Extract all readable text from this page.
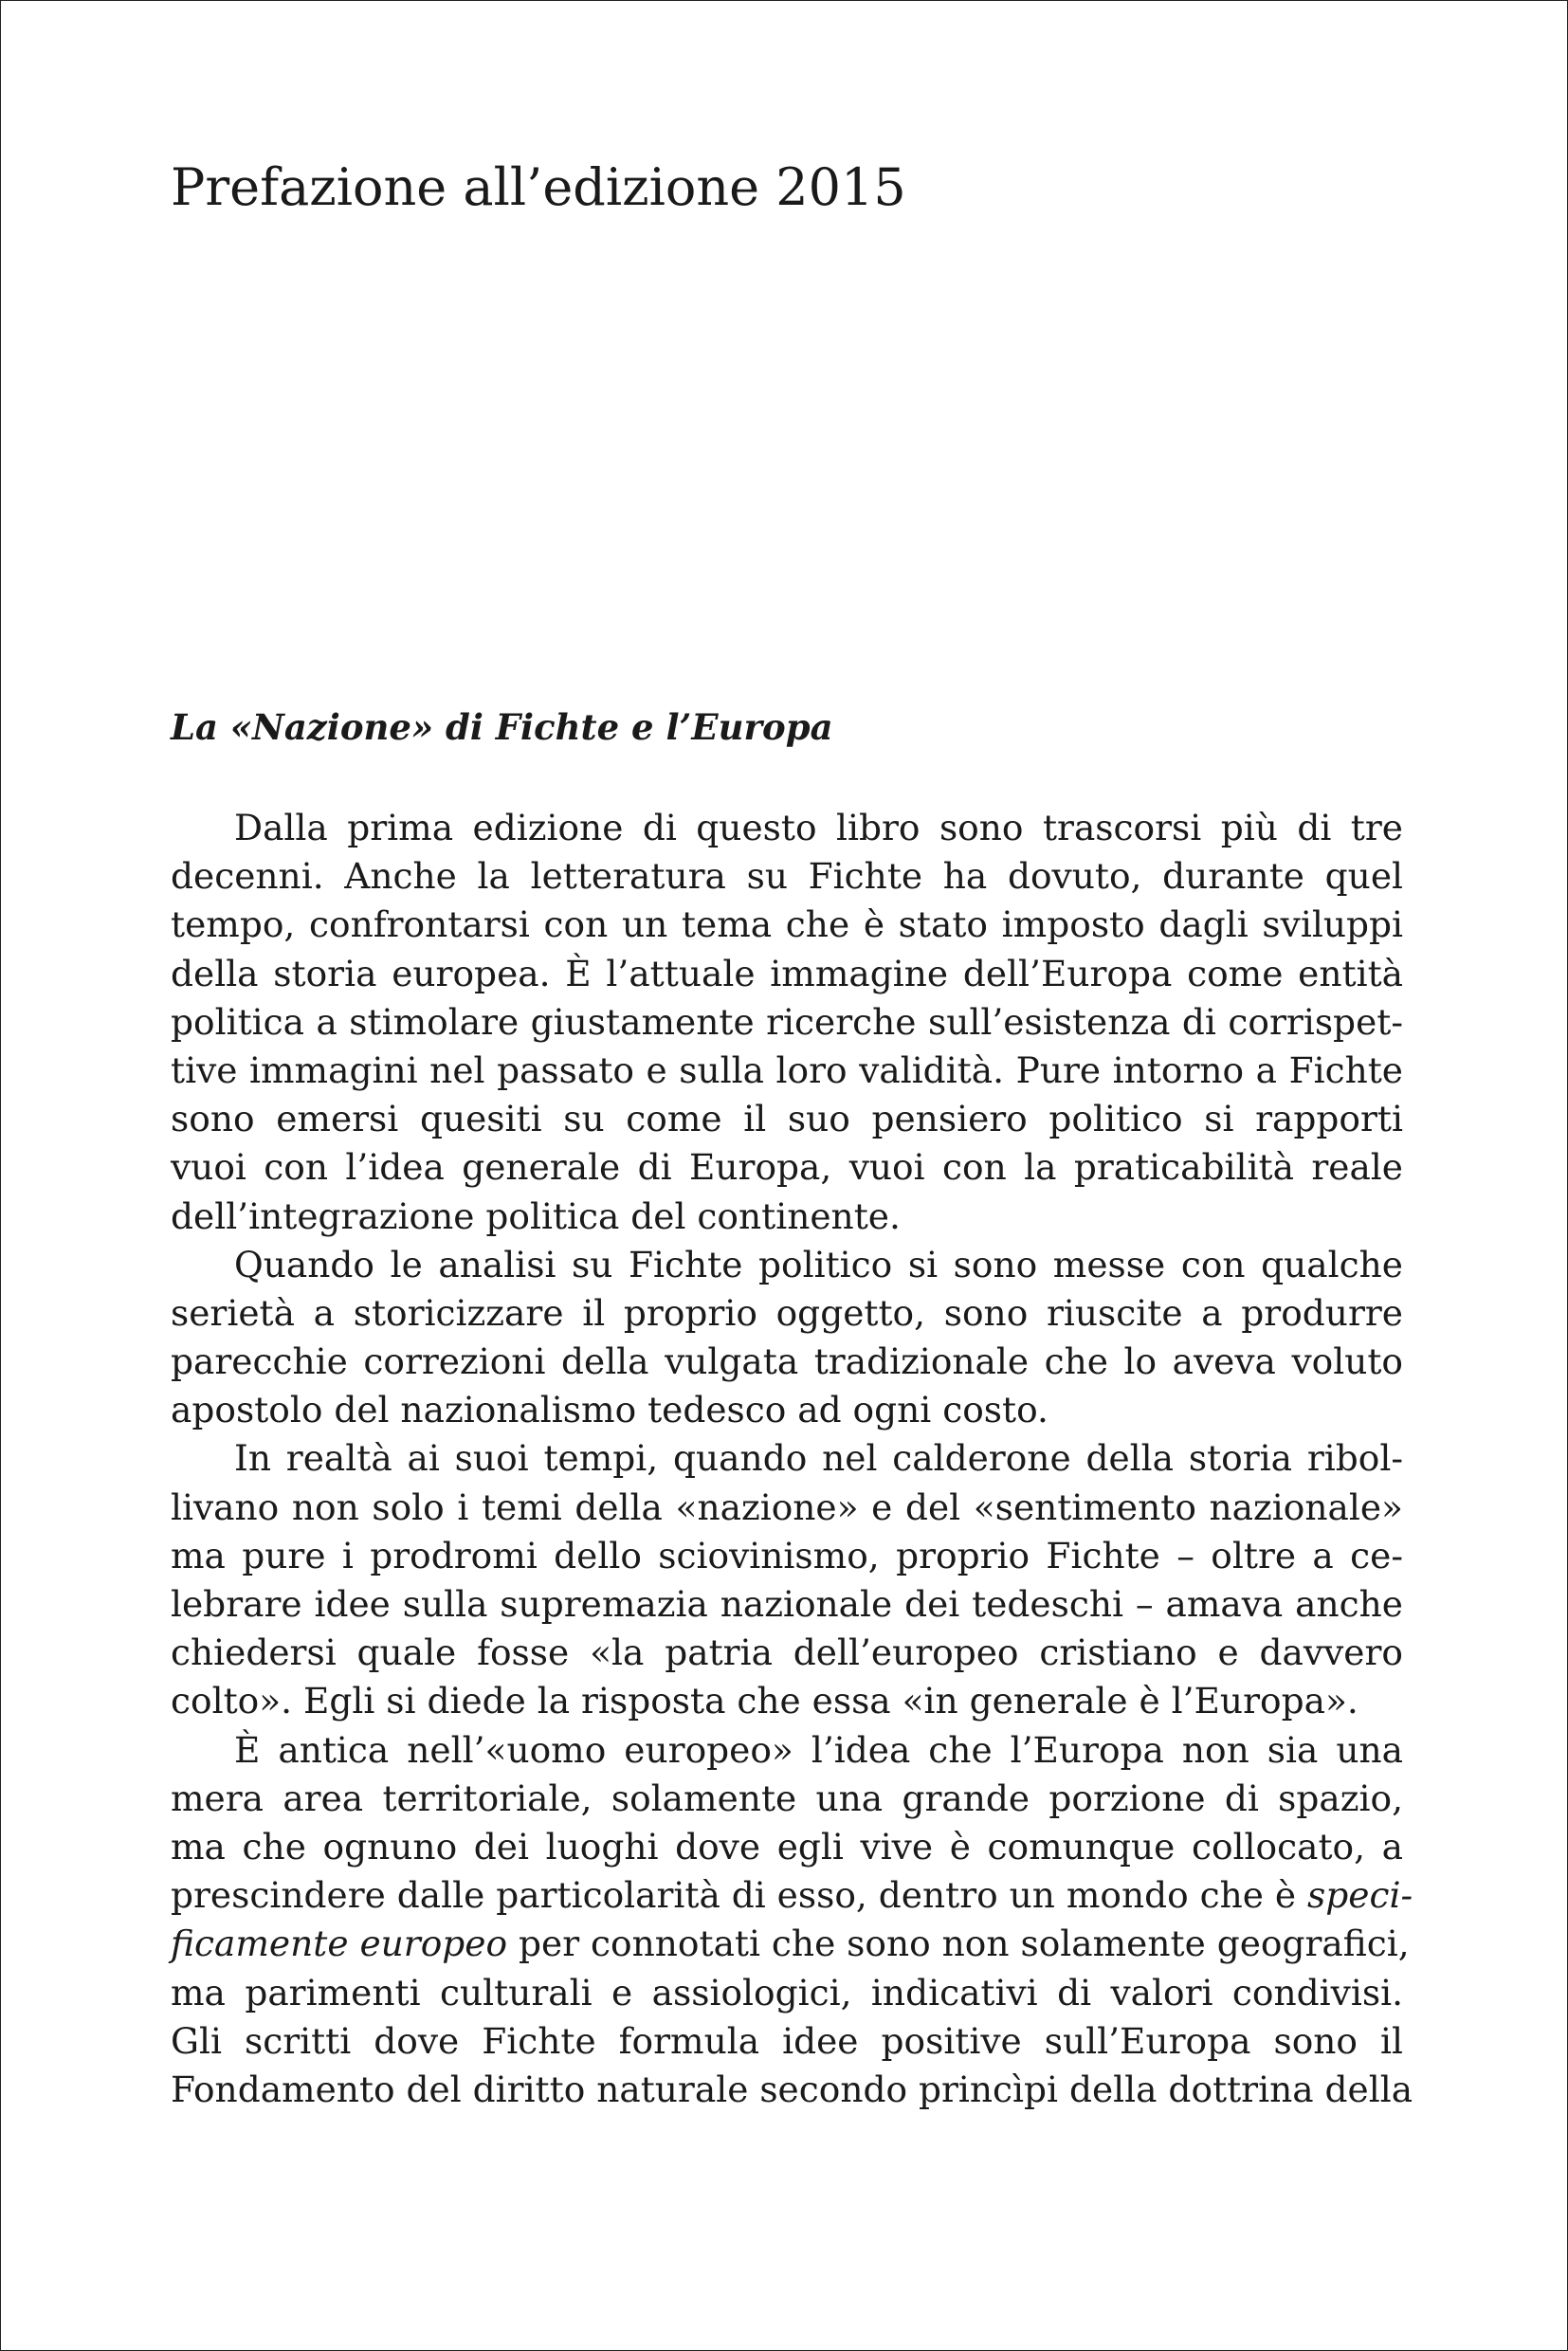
Prefazione all’edizione 2015
La «Nazione» di Fichte e l’Europa
Dalla prima edizione di questo libro sono trascorsi più di tre
decenni. Anche la letteratura su Fichte ha dovuto, durante quel
tempo, confrontarsi con un tema che è stato imposto dagli sviluppi
della storia europea. È l’attuale immagine dell’Europa come entità
politica a stimolare giustamente ricerche sull’esistenza di corrispet-
tive immagini nel passato e sulla loro validità. Pure intorno a Fichte
sono emersi quesiti su come il suo pensiero politico si rapporti
vuoi con l’idea generale di Europa, vuoi con la praticabilità reale
dell’integrazione politica del continente.
Quando le analisi su Fichte politico si sono messe con qualche
serietà a storicizzare il proprio oggetto, sono riuscite a produrre
parecchie correzioni della vulgata tradizionale che lo aveva voluto
apostolo del nazionalismo tedesco ad ogni costo.
In realtà ai suoi tempi, quando nel calderone della storia ribol-
livano non solo i temi della «nazione» e del «sentimento nazionale»
ma pure i prodromi dello sciovinismo, proprio Fichte – oltre a ce-
lebrare idee sulla supremazia nazionale dei tedeschi – amava anche
chiedersi quale fosse «la patria dell’europeo cristiano e davvero
colto». Egli si diede la risposta che essa «in generale è l’Europa».
È antica nell’«uomo europeo» l’idea che l’Europa non sia una
mera area territoriale, solamente una grande porzione di spazio,
ma che ognuno dei luoghi dove egli vive è comunque collocato, a
prescindere dalle particolarità di esso, dentro un mondo che è speci-
ficamente europeo per connotati che sono non solamente geografici,
ma parimenti culturali e assiologici, indicativi di valori condivisi.
Gli scritti dove Fichte formula idee positive sull’Europa sono il
Fondamento del diritto naturale secondo princìpi della dottrina della
